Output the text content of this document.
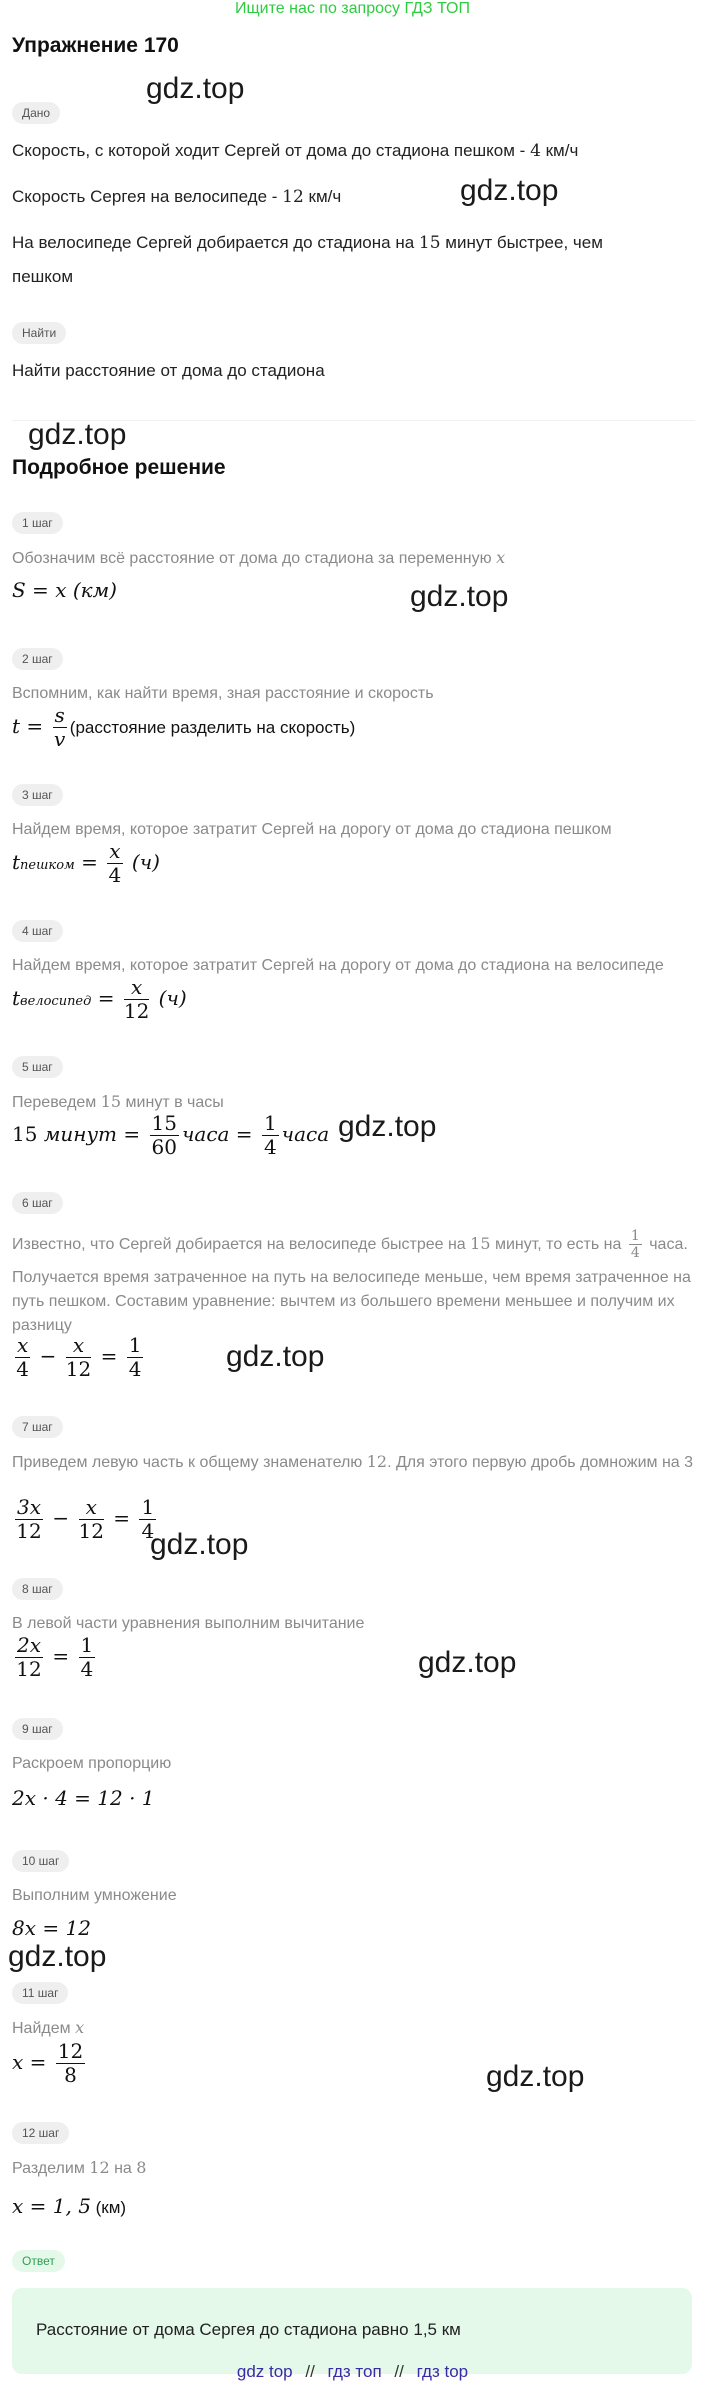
Ищите нас по запросу ГДЗ ТОП
Упражнение 170
Дано
Скорость, с которой ходит Сергей от дома до стадиона пешком - 4 км/ч
Скорость Сергея на велосипеде - 12 км/ч
На велосипеде Сергей добирается до стадиона на 15 минут быстрее, чем
пешком
Найти
Найти расстояние от дома до стадиона
Подробное решение
1 шаг
Обозначим всё расстояние от дома до стадиона за переменную x
S = x (км)
2 шаг
Вспомним, как найти время, зная расстояние и скорость
$t = \frac{s}{v}$ (расстояние разделить на скорость)
3 шаг
Найдем время, которое затратит Сергей на дорогу от дома до стадиона пешком
tпешком = $\frac{x}{4} (ч)$
4 шаг
Найдем время, которое затратит Сергей на дорогу от дома до стадиона на велосипеде
tвелосипед = $\frac{x}{12} (ч)$
5 шаг
Переведем 15 минут в часы
15 минут = $\frac{15}{60}$ часа = $\frac{1}{4}$ часа
6 шаг
Известно, что Сергей добирается на велосипеде быстрее на 15 минут, то есть на $\frac{1}{4}$ часа.
Получается время затраченное на путь на велосипеде меньше, чем время затраченное на путь пешком. Составим уравнение: вычтем из большего времени меньшее и получим их разницу
$\frac{x}{4} - \frac{x}{12} = \frac{1}{4}$
7 шаг
Приведем левую часть к общему знаменателю 12. Для этого первую дробь домножим на 3
$\frac{3x}{12} - \frac{x}{12} = \frac{1}{4}$
8 шаг
В левой части уравнения выполним вычитание
$\frac{2x}{12} = \frac{1}{4}$
9 шаг
Раскроем пропорцию
2x · 4 = 12 · 1
10 шаг
Выполним умножение
8x = 12
11 шаг
Найдем x
$x = \frac{12}{8}$
12 шаг
Разделим 12 на 8
x = 1, 5 (км)
Ответ
Расстояние от дома Сергея до стадиона равно 1,5 км
gdz top // гдз топ // гдз top
gdz.top
gdz.top
gdz.top
gdz.top
gdz.top
gdz.top
gdz.top
gdz.top
gdz.top
gdz.top
